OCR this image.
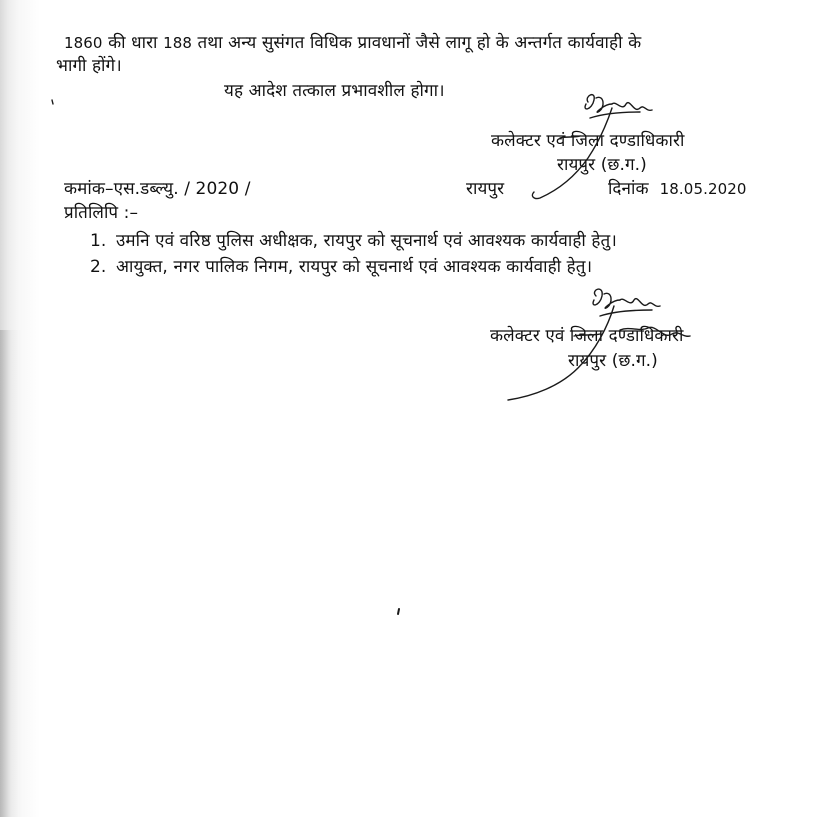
1860 की धारा 188 तथा अन्य सुसंगत विधिक प्रावधानों जैसे लागू हो के अन्तर्गत कार्यवाही के
भागी होंगे।
यह आदेश तत्काल प्रभावशील होगा।
कलेक्टर एवं जिला दण्डाधिकारी
रायपुर (छ.ग.)
कमांक–एस.डब्ल्यु. / 2020 /	रायपुर	दिनांक 18.05.2020
प्रतिलिपि :–
1. उमनि एवं वरिष्ठ पुलिस अधीक्षक, रायपुर को सूचनार्थ एवं आवश्यक कार्यवाही हेतु।
2. आयुक्त, नगर पालिक निगम, रायपुर को सूचनार्थ एवं आवश्यक कार्यवाही हेतु।
कलेक्टर एवं जिला दण्डाधिकारी
रायपुर (छ.ग.)
